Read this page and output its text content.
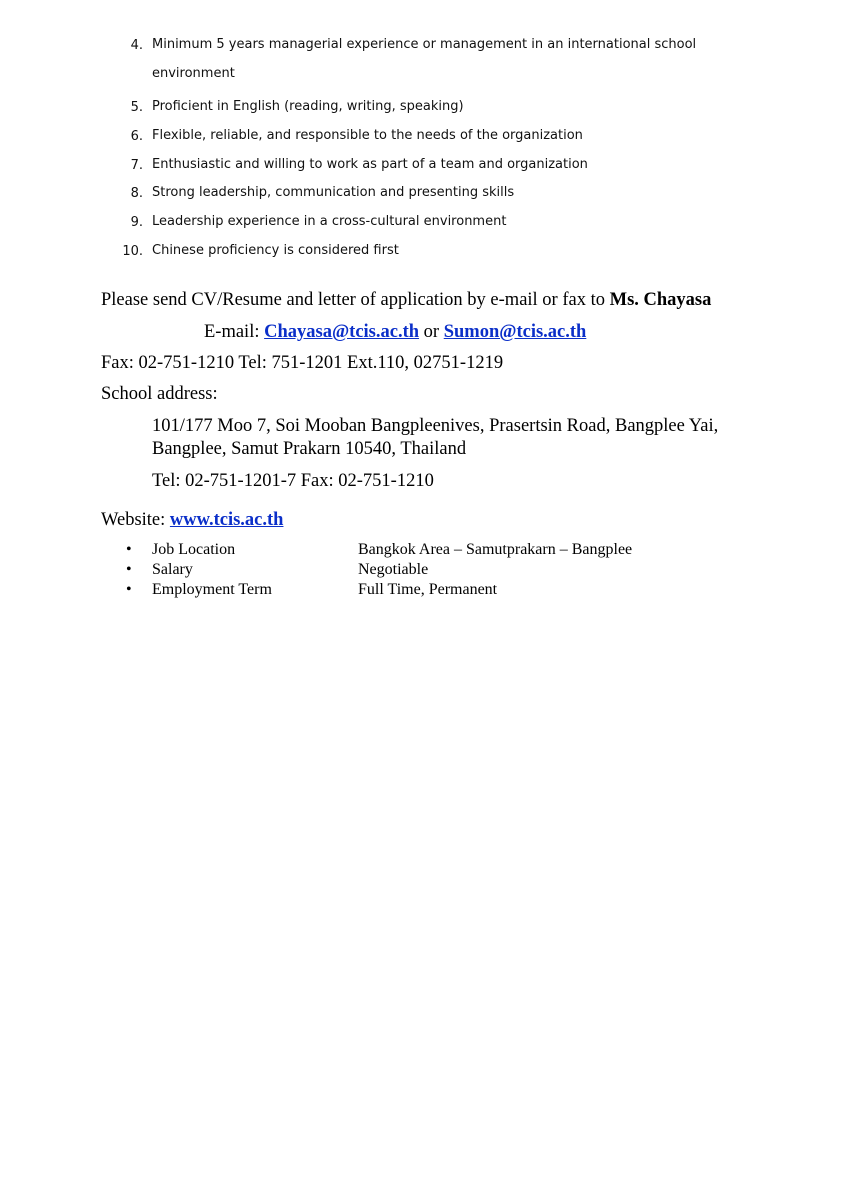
4. Minimum 5 years managerial experience or management in an international school environment
5. Proficient in English (reading, writing, speaking)
6. Flexible, reliable, and responsible to the needs of the organization
7. Enthusiastic and willing to work as part of a team and organization
8. Strong leadership, communication and presenting skills
9. Leadership experience in a cross-cultural environment
10. Chinese proficiency is considered first
Please send CV/Resume and letter of application by e-mail or fax to Ms. Chayasa
E-mail: Chayasa@tcis.ac.th or Sumon@tcis.ac.th
Fax: 02-751-1210 Tel: 751-1201 Ext.110, 02751-1219
School address:
101/177 Moo 7, Soi Mooban Bangpleenives, Prasertsin Road, Bangplee Yai,
Bangplee, Samut Prakarn 10540, Thailand
Tel: 02-751-1201-7 Fax: 02-751-1210
Website: www.tcis.ac.th
• Job Location	Bangkok Area – Samutprakarn – Bangplee
• Salary	Negotiable
• Employment Term	Full Time, Permanent
